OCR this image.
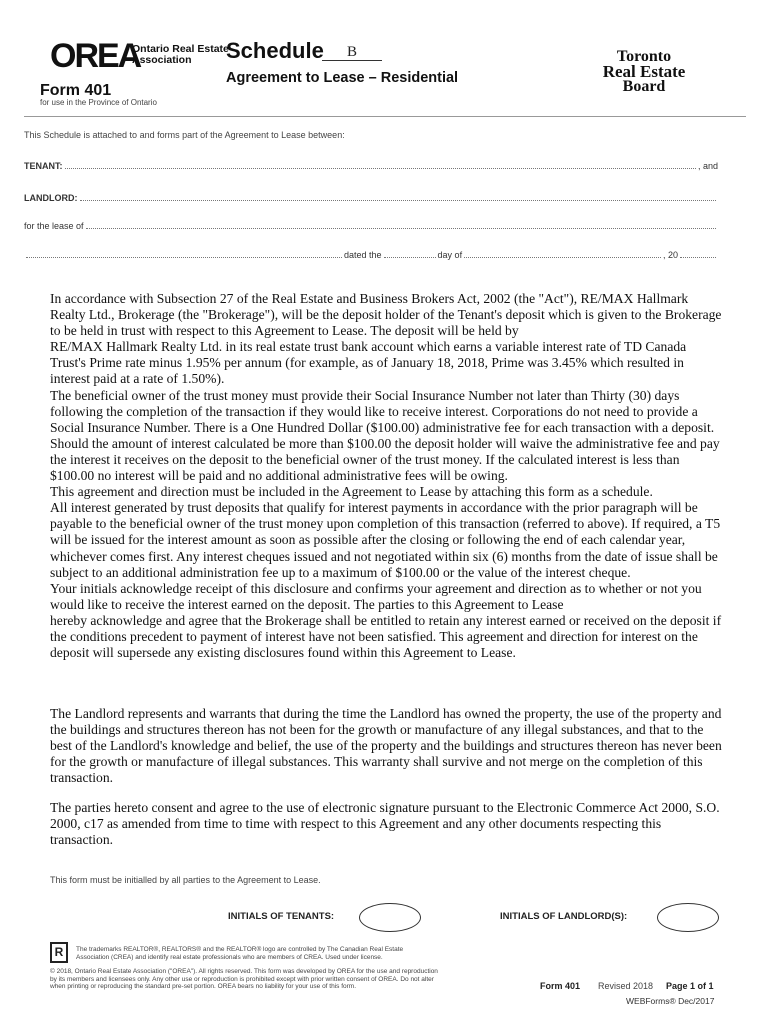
OREA
Ontario Real Estate
Association
Form 401
for use in the Province of Ontario
Schedule	B
Agreement to Lease – Residential
Toronto
Real Estate
Board
This Schedule is attached to and forms part of the Agreement to Lease between:
TENANT:	, and
LANDLORD:
for the lease of
dated the	day of	, 20

In accordance with Subsection 27 of the Real Estate and Business Brokers Act, 2002 (the "Act"), RE/MAX Hallmark Realty Ltd., Brokerage (the "Brokerage"), will be the deposit holder of the Tenant's deposit which is given to the Brokerage to be held in trust with respect to this Agreement to Lease. The deposit will be held by

RE/MAX Hallmark Realty Ltd. in its real estate trust bank account which earns a variable interest rate of TD Canada Trust's Prime rate minus 1.95% per annum (for example, as of January 18, 2018, Prime was 3.45% which resulted in interest paid at a rate of 1.50%).

The beneficial owner of the trust money must provide their Social Insurance Number not later than Thirty (30) days following the completion of the transaction if they would like to receive interest. Corporations do not need to provide a Social Insurance Number. There is a One Hundred Dollar ($100.00) administrative fee for each transaction with a deposit. Should the amount of interest calculated be more than $100.00 the deposit holder will waive the administrative fee and pay the interest it receives on the deposit to the beneficial owner of the trust money. If the calculated interest is less than $100.00 no interest will be paid and no additional administrative fees will be owing.

This agreement and direction must be included in the Agreement to Lease by attaching this form as a schedule.

All interest generated by trust deposits that qualify for interest payments in accordance with the prior paragraph will be payable to the beneficial owner of the trust money upon completion of this transaction (referred to above). If required, a T5 will be issued for the interest amount as soon as possible after the closing or following the end of each calendar year, whichever comes first. Any interest cheques issued and not negotiated within six (6) months from the date of issue shall be subject to an additional administration fee up to a maximum of $100.00 or the value of the interest cheque.

Your initials acknowledge receipt of this disclosure and confirms your agreement and direction as to whether or not you would like to receive the interest earned on the deposit. The parties to this Agreement to Lease

hereby acknowledge and agree that the Brokerage shall be entitled to retain any interest earned or received on the deposit if the conditions precedent to payment of interest have not been satisfied. This agreement and direction for interest on the deposit will supersede any existing disclosures found within this Agreement to Lease.

The Landlord represents and warrants that during the time the Landlord has owned the property, the use of the property and the buildings and structures thereon has not been for the growth or manufacture of any illegal substances, and that to the best of the Landlord's knowledge and belief, the use of the property and the buildings and structures thereon has never been for the growth or manufacture of illegal substances. This warranty shall survive and not merge on the completion of this transaction.

The parties hereto consent and agree to the use of electronic signature pursuant to the Electronic Commerce Act 2000, S.O. 2000, c17 as amended from time to time with respect to this Agreement and any other documents respecting this transaction.

This form must be initialled by all parties to the Agreement to Lease.
INITIALS OF TENANTS:	INITIALS OF LANDLORD(S):
R	The trademarks REALTOR®, REALTORS® and the REALTOR® logo are controlled by The Canadian Real Estate
Association (CREA) and identify real estate professionals who are members of CREA. Used under license.
© 2018, Ontario Real Estate Association ("OREA"). All rights reserved. This form was developed by OREA for the use and reproduction
by its members and licensees only. Any other use or reproduction is prohibited except with prior written consent of OREA. Do not alter
when printing or reproducing the standard pre-set portion. OREA bears no liability for your use of this form.	Form 401 Revised 2018 Page 1 of 1
WEBForms® Dec/2017
